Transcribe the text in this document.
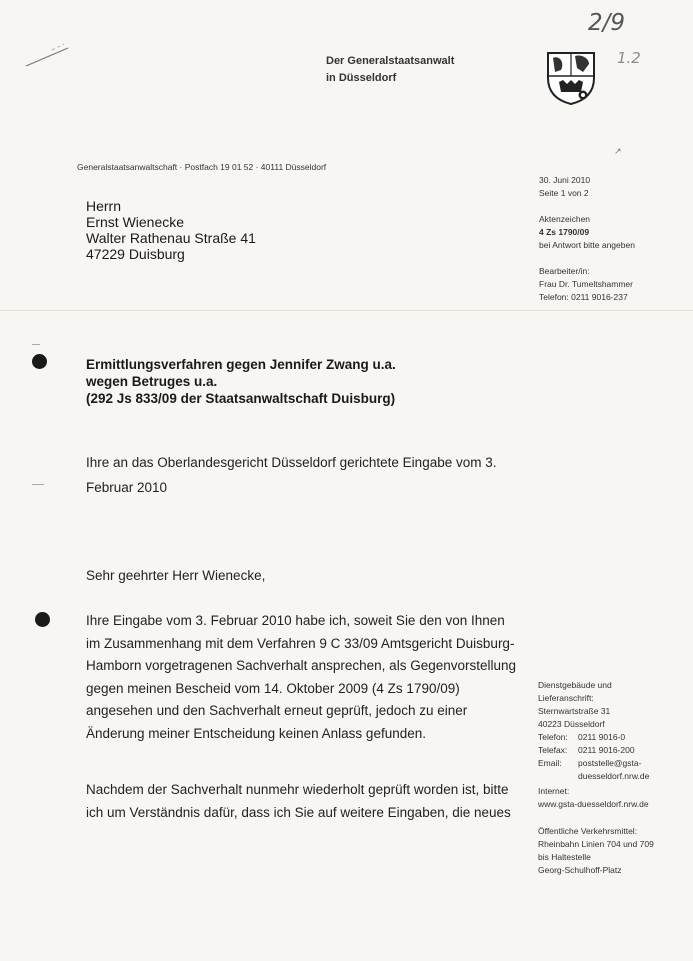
2/9
1.2
Der Generalstaatsanwalt
in Düsseldorf
Generalstaatsanwaltschaft · Postfach 19 01 52 · 40111 Düsseldorf
Herrn
Ernst Wienecke
Walter Rathenau Straße 41
47229 Duisburg
↗
30. Juni 2010
Seite 1 von 2
Aktenzeichen
4 Zs 1790/09
bei Antwort bitte angeben
Bearbeiter/in:
Frau Dr. Tumeltshammer
Telefon: 0211 9016-237
Ermittlungsverfahren gegen Jennifer Zwang u.a.
wegen Betruges u.a.
(292 Js 833/09 der Staatsanwaltschaft Duisburg)
Ihre an das Oberlandesgericht Düsseldorf gerichtete Eingabe vom 3.
Februar 2010
Sehr geehrter Herr Wienecke,
Ihre Eingabe vom 3. Februar 2010 habe ich, soweit Sie den von Ihnen
im Zusammenhang mit dem Verfahren 9 C 33/09 Amtsgericht Duisburg-
Hamborn vorgetragenen Sachverhalt ansprechen, als Gegenvorstellung
gegen meinen Bescheid vom 14. Oktober 2009 (4 Zs 1790/09)
angesehen und den Sachverhalt erneut geprüft, jedoch zu einer
Änderung meiner Entscheidung keinen Anlass gefunden.
Nachdem der Sachverhalt nunmehr wiederholt geprüft worden ist, bitte
ich um Verständnis dafür, dass ich Sie auf weitere Eingaben, die neues
Dienstgebäude und
Lieferanschrift:
Sternwartstraße 31
40223 Düsseldorf
Telefon: 0211 9016-0
Telefax: 0211 9016-200
Email: poststelle@gsta-
duesseldorf.nrw.de
Internet:
www.gsta-duesseldorf.nrw.de
Öffentliche Verkehrsmittel:
Rheinbahn Linien 704 und 709
bis Haltestelle
Georg-Schulhoff-Platz
